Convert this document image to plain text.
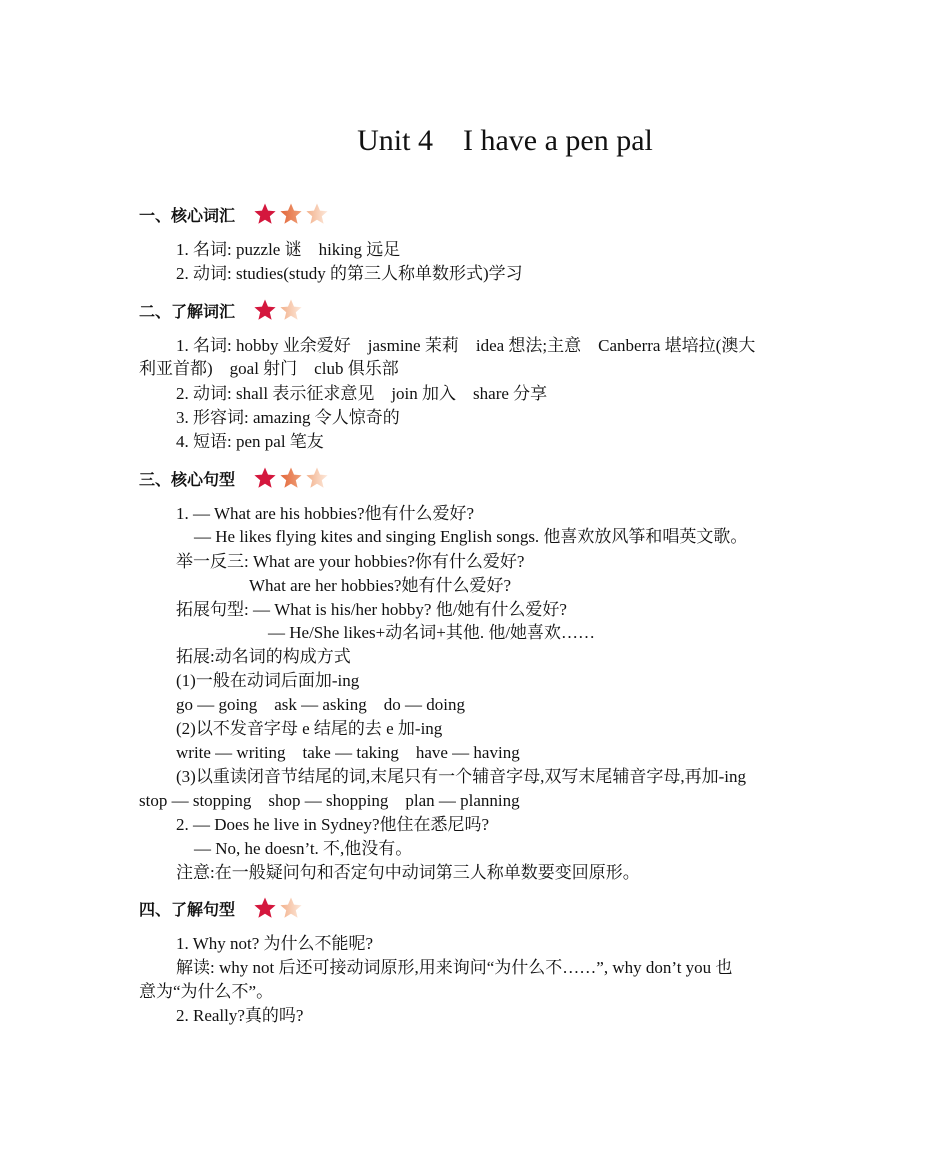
Unit 4    I have a pen pal
一、核心词汇
1. 名词: puzzle 谜    hiking 远足
2. 动词: studies(study 的第三人称单数形式)学习
二、了解词汇
1. 名词: hobby 业余爱好    jasmine 茉莉    idea 想法;主意    Canberra 堪培拉(澳大
利亚首都)    goal 射门    club 俱乐部
2. 动词: shall 表示征求意见    join 加入    share 分享
3. 形容词: amazing 令人惊奇的
4. 短语: pen pal 笔友
三、核心句型
1. — What are his hobbies?他有什么爱好?
— He likes flying kites and singing English songs. 他喜欢放风筝和唱英文歌。
举一反三: What are your hobbies?你有什么爱好?
What are her hobbies?她有什么爱好?
拓展句型: — What is his/her hobby? 他/她有什么爱好?
— He/She likes+动名词+其他. 他/她喜欢……
拓展:动名词的构成方式
(1)一般在动词后面加-ing
go — going    ask — asking    do — doing
(2)以不发音字母 e 结尾的去 e 加-ing
write — writing    take — taking    have — having
(3)以重读闭音节结尾的词,末尾只有一个辅音字母,双写末尾辅音字母,再加-ing
stop — stopping    shop — shopping    plan — planning
2. — Does he live in Sydney?他住在悉尼吗?
— No, he doesn’t. 不,他没有。
注意:在一般疑问句和否定句中动词第三人称单数要变回原形。
四、了解句型
1. Why not? 为什么不能呢?
解读: why not 后还可接动词原形,用来询问“为什么不……”, why don’t you 也
意为“为什么不”。
2. Really?真的吗?
